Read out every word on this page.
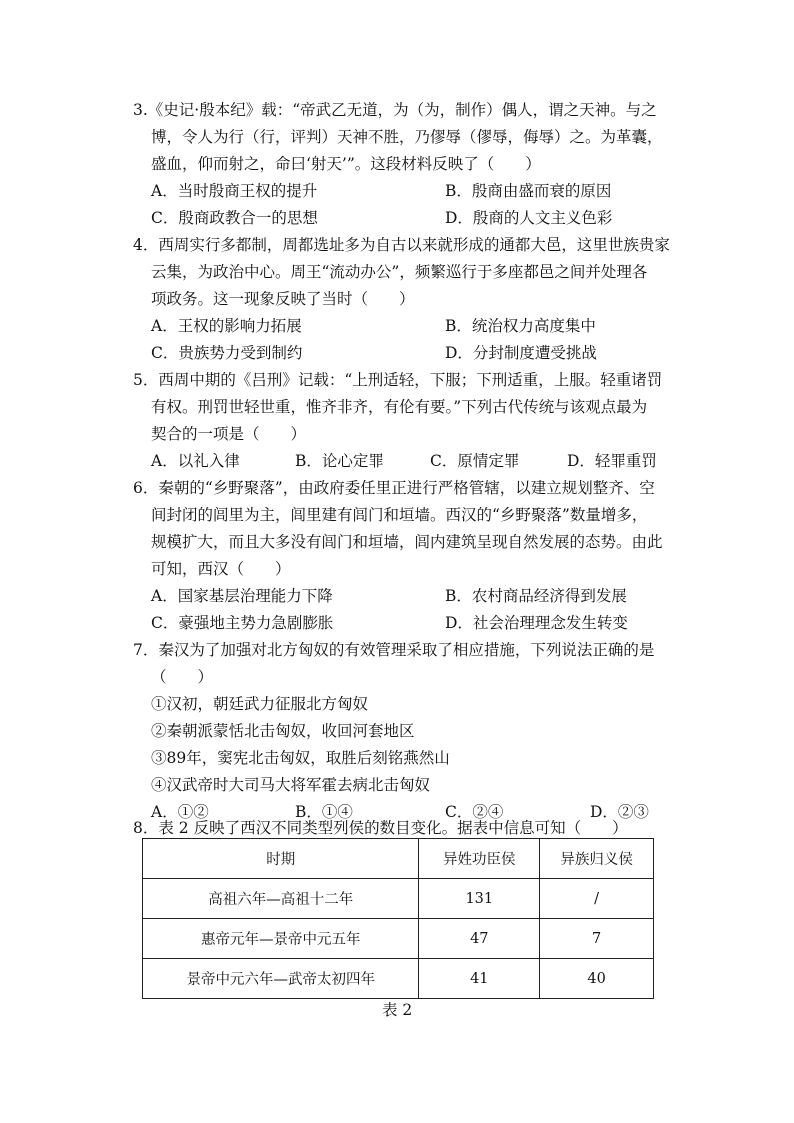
3.《史记·殷本纪》载：“帝武乙无道，为（为，制作）偶人，谓之天神。与之
博，令人为行（行，评判）天神不胜，乃僇辱（僇辱，侮辱）之。为革囊，
盛血，仰而射之，命曰‘射天’”。这段材料反映了（　　）
A．当时殷商王权的提升	B．殷商由盛而衰的原因
C．殷商政教合一的思想	D．殷商的人文主义色彩
4．西周实行多都制，周都选址多为自古以来就形成的通都大邑，这里世族贵家
云集，为政治中心。周王“流动办公”，频繁巡行于多座都邑之间并处理各
项政务。这一现象反映了当时（　　）
A．王权的影响力拓展	B．统治权力高度集中
C．贵族势力受到制约	D．分封制度遭受挑战
5．西周中期的《吕刑》记载：“上刑适轻，下服；下刑适重，上服。轻重诸罚
有权。刑罚世轻世重，惟齐非齐，有伦有要。”下列古代传统与该观点最为
契合的一项是（　　）
A．以礼入律	B．论心定罪	C．原情定罪	D．轻罪重罚
6．秦朝的“乡野聚落”，由政府委任里正进行严格管辖，以建立规划整齐、空
间封闭的闾里为主，闾里建有闾门和垣墙。西汉的“乡野聚落”数量增多，
规模扩大，而且大多没有闾门和垣墙，闾内建筑呈现自然发展的态势。由此
可知，西汉（　　）
A．国家基层治理能力下降	B．农村商品经济得到发展
C．豪强地主势力急剧膨胀	D．社会治理理念发生转变
7．秦汉为了加强对北方匈奴的有效管理采取了相应措施，下列说法正确的是
（　　）
①汉初，朝廷武力征服北方匈奴
②秦朝派蒙恬北击匈奴，收回河套地区
③89年，窦宪北击匈奴，取胜后刻铭燕然山
④汉武帝时大司马大将军霍去病北击匈奴
A．①②	B．①④	C．②④	D．②③
8．表 2 反映了西汉不同类型列侯的数目变化。据表中信息可知（　　）
时期	异姓功臣侯	异族归义侯
高祖六年—高祖十二年	131	/
惠帝元年—景帝中元五年	47	7
景帝中元六年—武帝太初四年	41	40
表 2
